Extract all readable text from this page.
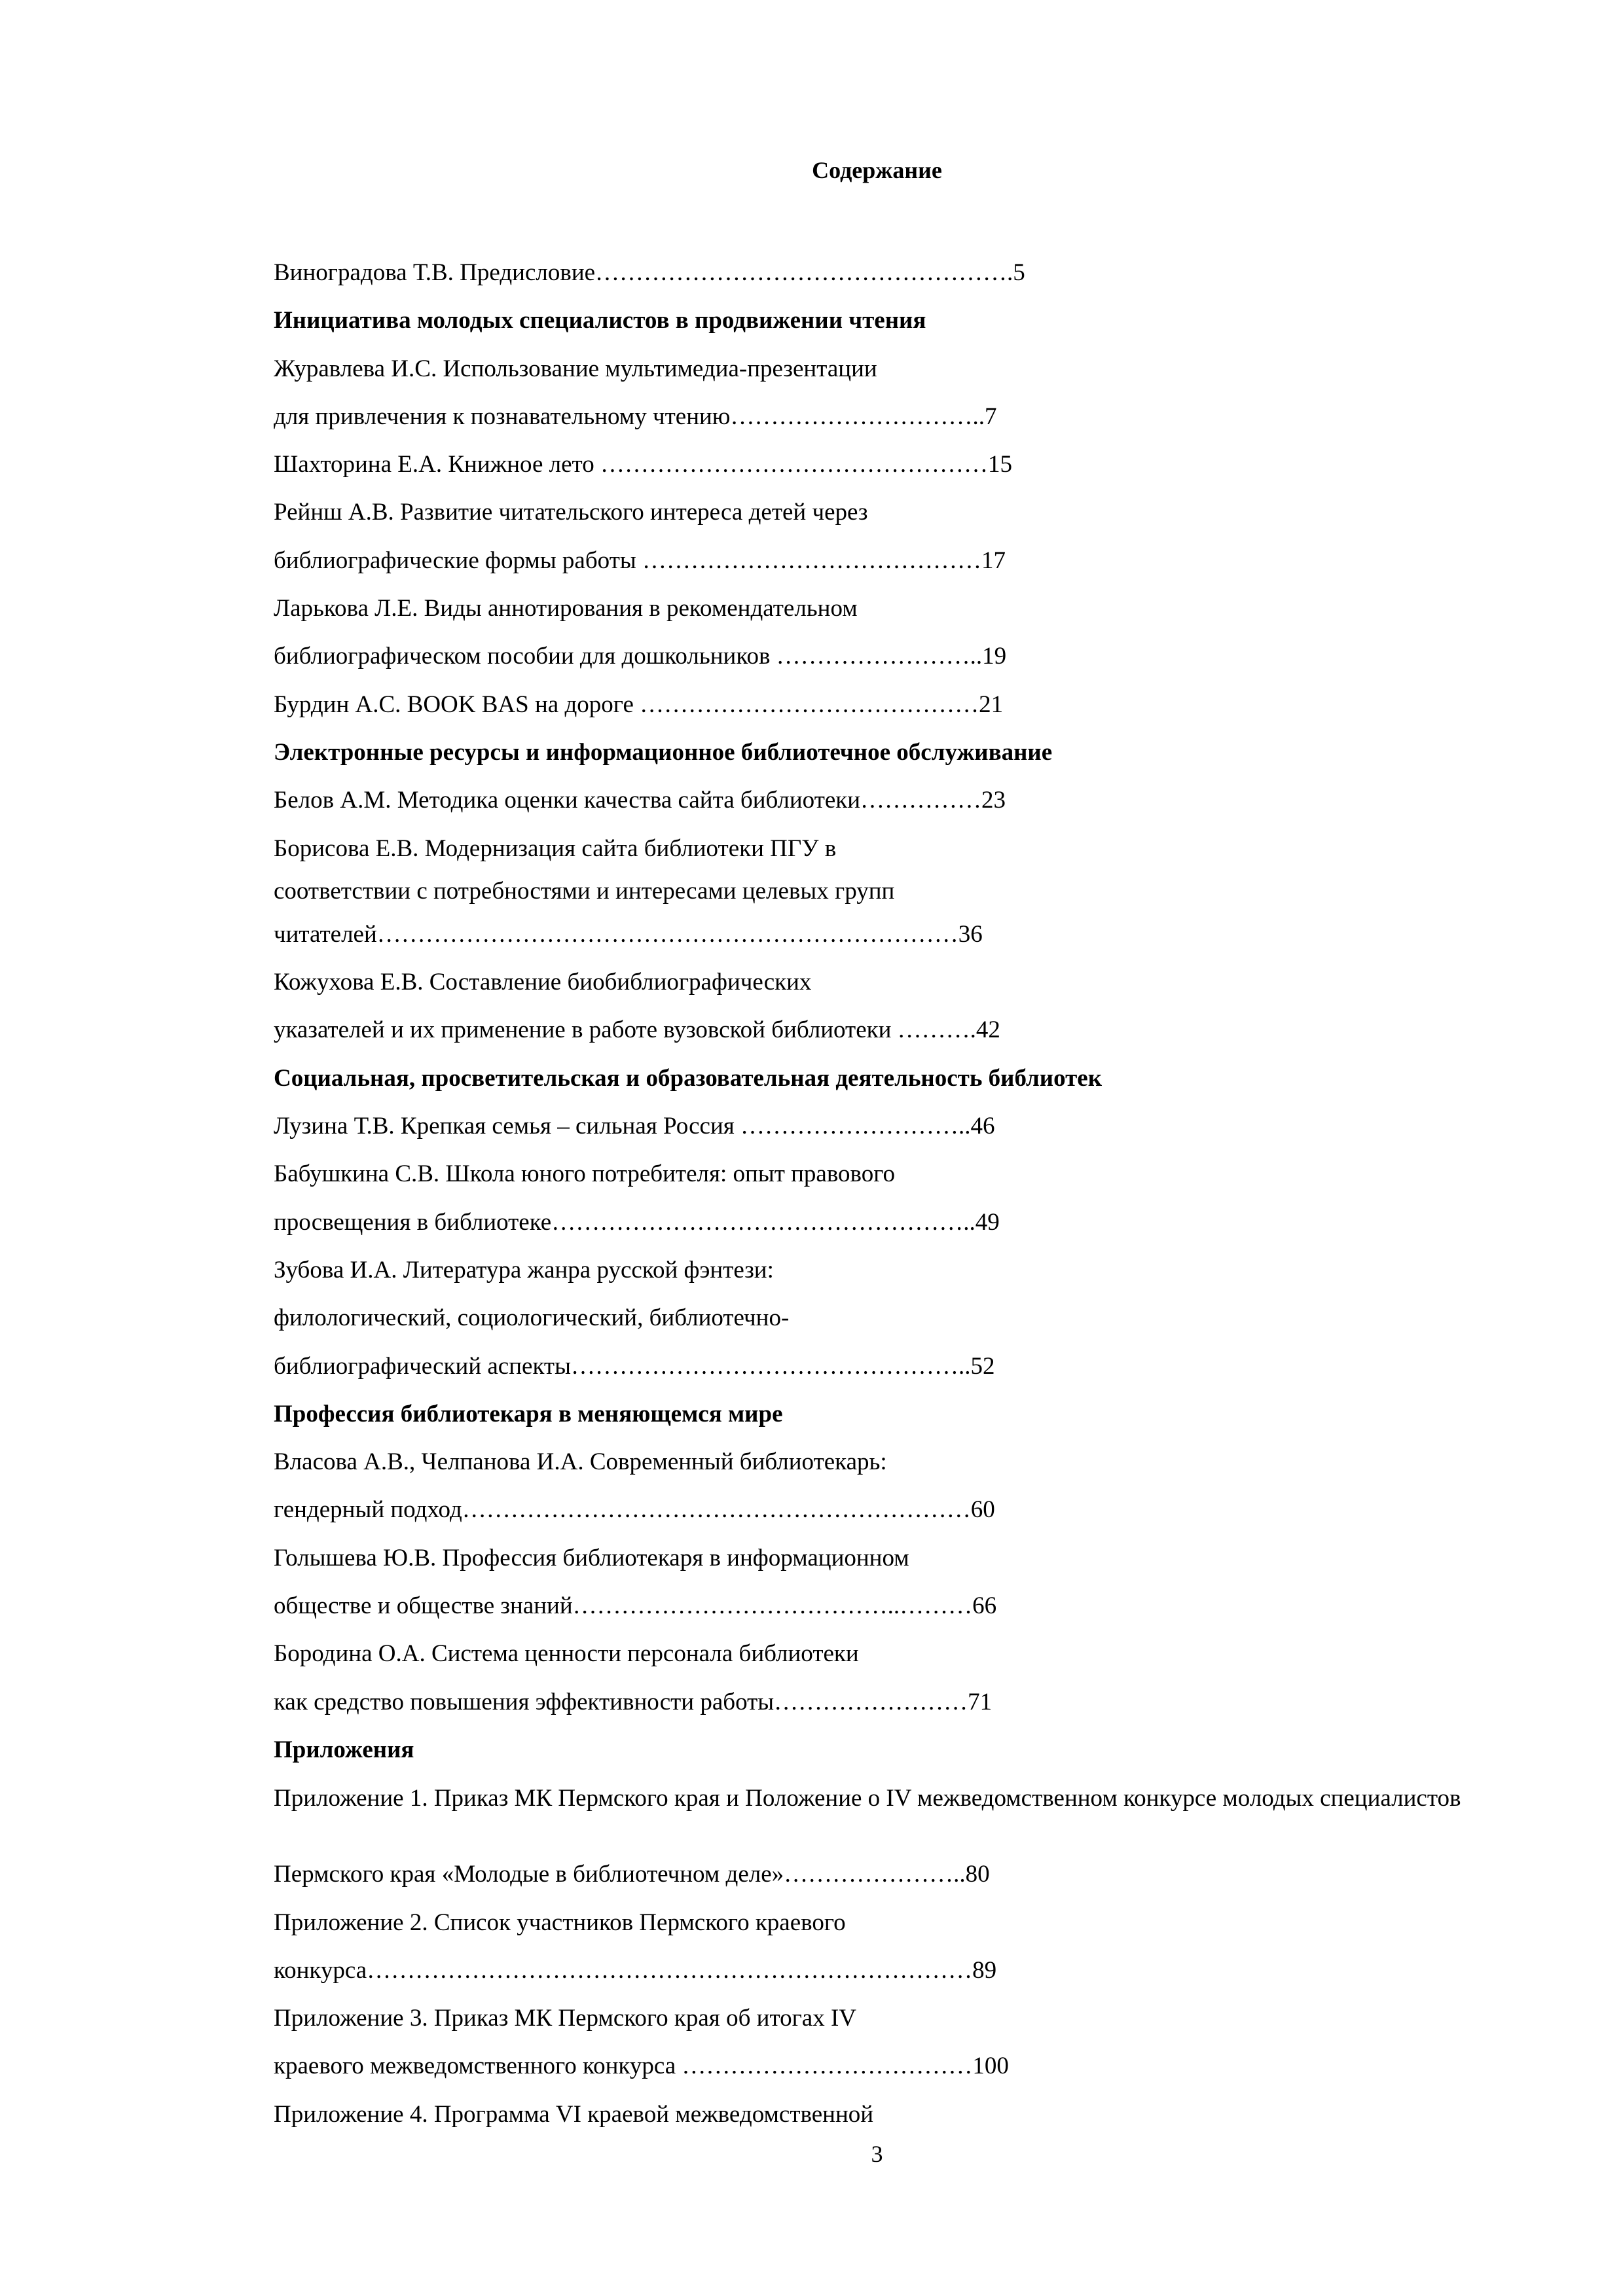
Содержание
Виноградова Т.В. Предисловие…………………………………………….5
Инициатива молодых специалистов в продвижении чтения
Журавлева И.С. Использование мультимедиа-презентации
для привлечения к познавательному чтению…………………………..7
Шахторина Е.А. Книжное лето …………………………………………15
Рейнш А.В. Развитие читательского интереса детей через
библиографические формы работы ……………………………………17
Ларькова Л.Е. Виды аннотирования в рекомендательном
библиографическом пособии для дошкольников ……………………..19
Бурдин А.С. BOOK BAS на дороге ……………………………………21
Электронные ресурсы и информационное библиотечное обслуживание
Белов А.М. Методика оценки качества сайта библиотеки……………23
Борисова Е.В. Модернизация сайта библиотеки ПГУ в
соответствии с потребностями и интересами целевых групп
читателей………………………………………………………………36
Кожухова Е.В. Составление биобиблиографических
указателей и их применение в работе вузовской библиотеки ……….42
Социальная, просветительская и образовательная деятельность библиотек
Лузина Т.В. Крепкая семья – сильная Россия ………………………..46
Бабушкина С.В. Школа юного потребителя: опыт правового
просвещения в библиотеке……………………………………………..49
Зубова И.А. Литература жанра русской фэнтези:
филологический, социологический, библиотечно-
библиографический аспекты…………………………………………..52
Профессия библиотекаря в меняющемся мире
Власова А.В., Челпанова И.А. Современный библиотекарь:
гендерный подход………………………………………………………60
Голышева Ю.В. Профессия библиотекаря в информационном
обществе и обществе знаний…………………………………..………66
Бородина О.А. Система ценности персонала библиотеки
как средство повышения эффективности работы……………………71
Приложения
Приложение 1. Приказ МК Пермского края и Положение о IV межведомственном конкурсе молодых специалистов
Пермского края «Молодые в библиотечном деле»…………………..80
Приложение 2. Список участников Пермского краевого
конкурса…………………………………………………………………89
Приложение 3. Приказ МК Пермского края об итогах IV
краевого межведомственного конкурса ………………………………100
Приложение 4. Программа VI краевой межведомственной
3
